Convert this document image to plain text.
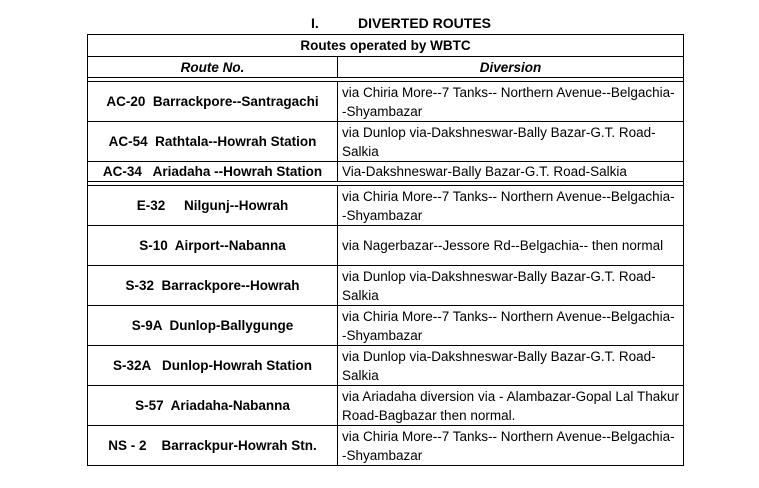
I.	DIVERTED ROUTES
Routes operated by WBTC	
Route No.	Diversion

AC-20  Barrackpore--Santragachi	via Chiria More--7 Tanks-- Northern Avenue--Belgachia--Shyambazar
AC-54  Rathtala--Howrah Station	via Dunlop via-Dakshneswar-Bally Bazar-G.T. Road-Salkia
AC-34   Ariadaha --Howrah Station	Via-Dakshneswar-Bally Bazar-G.T. Road-Salkia

E-32     Nilgunj--Howrah	via Chiria More--7 Tanks-- Northern Avenue--Belgachia--Shyambazar
S-10  Airport--Nabanna	via Nagerbazar--Jessore Rd--Belgachia-- then normal
S-32  Barrackpore--Howrah	via Dunlop via-Dakshneswar-Bally Bazar-G.T. Road-Salkia
S-9A  Dunlop-Ballygunge	via Chiria More--7 Tanks-- Northern Avenue--Belgachia--Shyambazar
S-32A   Dunlop-Howrah Station	via Dunlop via-Dakshneswar-Bally Bazar-G.T. Road-Salkia
S-57  Ariadaha-Nabanna	via Ariadaha diversion via - Alambazar-Gopal Lal Thakur Road-Bagbazar then normal.
NS - 2    Barrackpur-Howrah Stn.	via Chiria More--7 Tanks-- Northern Avenue--Belgachia--Shyambazar
